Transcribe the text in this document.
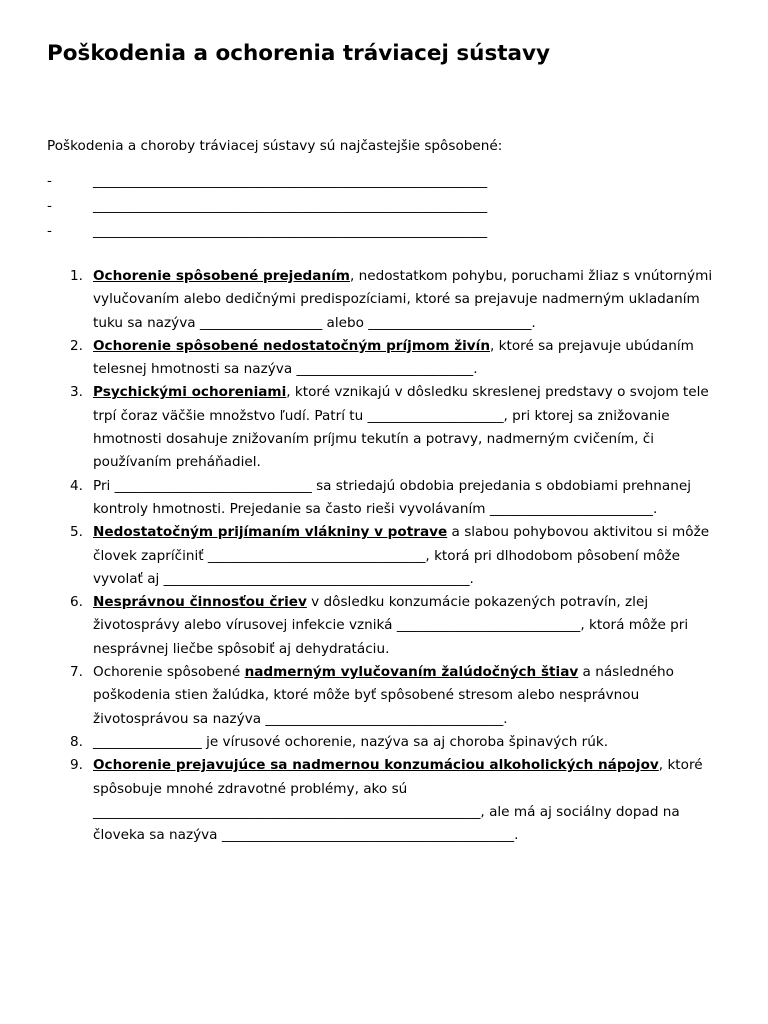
Poškodenia a ochorenia tráviacej sústavy

Poškodenia a choroby tráviacej sústavy sú najčastejšie spôsobené:

-	__________________________________________________________
-	__________________________________________________________
-	__________________________________________________________
1. Ochorenie spôsobené prejedaním, nedostatkom pohybu, poruchami žliaz s vnútornými vylučovaním alebo dedičnými predispozíciami, ktoré sa prejavuje nadmerným ukladaním tuku sa nazýva __________________ alebo ________________________.
2. Ochorenie spôsobené nedostatočným príjmom živín, ktoré sa prejavuje ubúdaním telesnej hmotnosti sa nazýva __________________________.
3. Psychickými ochoreniami, ktoré vznikajú v dôsledku skreslenej predstavy o svojom tele trpí čoraz väčšie množstvo ľudí. Patrí tu ____________________, pri ktorej sa znižovanie hmotnosti dosahuje znižovaním príjmu tekutín a potravy, nadmerným cvičením, či používaním preháňadiel.
4. Pri _____________________________ sa striedajú obdobia prejedania s obdobiami prehnanej kontroly hmotnosti. Prejedanie sa často rieši vyvolávaním ________________________.
5. Nedostatočným prijímaním vlákniny v potrave a slabou pohybovou aktivitou si môže človek zapríčiniť ________________________________, ktorá pri dlhodobom pôsobení môže vyvolať aj _____________________________________________.
6. Nesprávnou činnosťou čriev v dôsledku konzumácie pokazených potravín, zlej životosprávy alebo vírusovej infekcie vzniká ___________________________, ktorá môže pri nesprávnej liečbe spôsobiť aj dehydratáciu.
7. Ochorenie spôsobené nadmerným vylučovaním žalúdočných štiav a následného poškodenia stien žalúdka, ktoré môže byť spôsobené stresom alebo nesprávnou životosprávou sa nazýva ___________________________________.
8. ________________ je vírusové ochorenie, nazýva sa aj choroba špinavých rúk.
9. Ochorenie prejavujúce sa nadmernou konzumáciou alkoholických nápojov, ktoré spôsobuje mnohé zdravotné problémy, ako sú _________________________________________________________, ale má aj sociálny dopad na človeka sa nazýva ___________________________________________.
